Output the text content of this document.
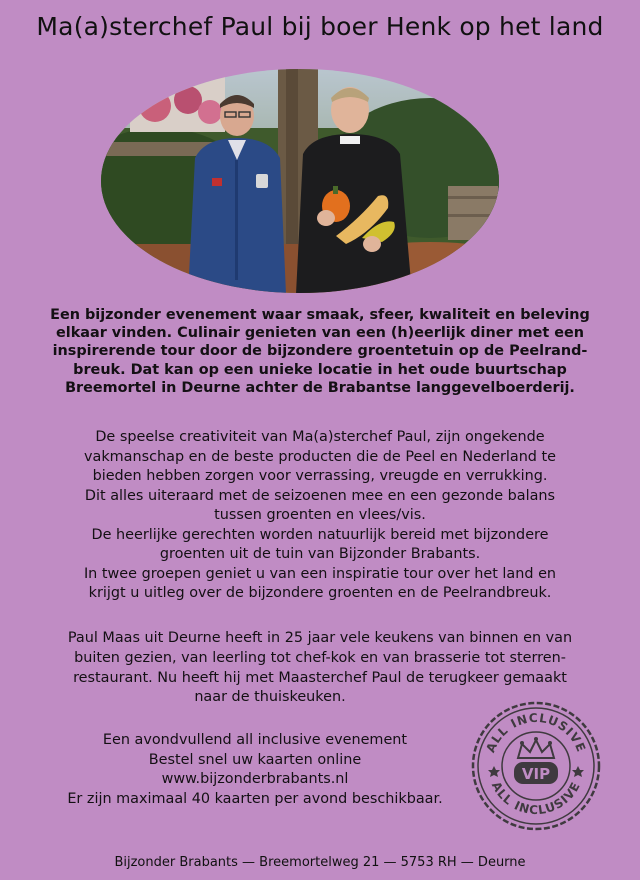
Ma(a)sterchef Paul bij boer Henk op het land
Een bijzonder evenement waar smaak, sfeer, kwaliteit en beleving
elkaar vinden. Culinair genieten van een (h)eerlijk diner met een
inspirerende tour door de bijzondere groentetuin op de Peelrand-
breuk. Dat kan op een unieke locatie in het oude buurtschap
Breemortel in Deurne achter de Brabantse langgevelboerderij.
De speelse creativiteit van Ma(a)sterchef Paul, zijn ongekende
vakmanschap en de beste producten die de Peel en Nederland te
bieden hebben zorgen voor verrassing, vreugde en verrukking.
Dit alles uiteraard met de seizoenen mee en een gezonde balans
tussen groenten en vlees/vis.
De heerlijke gerechten worden natuurlijk bereid met bijzondere
groenten uit de tuin van Bijzonder Brabants.
In twee groepen geniet u van een inspiratie tour over het land en
krijgt u uitleg over de bijzondere groenten en de Peelrandbreuk.
Paul Maas uit Deurne heeft in 25 jaar vele keukens van binnen en van
buiten gezien, van leerling tot chef-kok en van brasserie tot sterren-
restaurant. Nu heeft hij met Maasterchef Paul de terugkeer gemaakt
naar de thuiskeuken.
Een avondvullend all inclusive evenement
Bestel snel uw kaarten online
www.bijzonderbrabants.nl
Er zijn maximaal 40 kaarten per avond beschikbaar.
ALL INCLUSIVE
ALL INCLUSIVE
VIP
Bijzonder Brabants — Breemortelweg 21 — 5753 RH — Deurne
